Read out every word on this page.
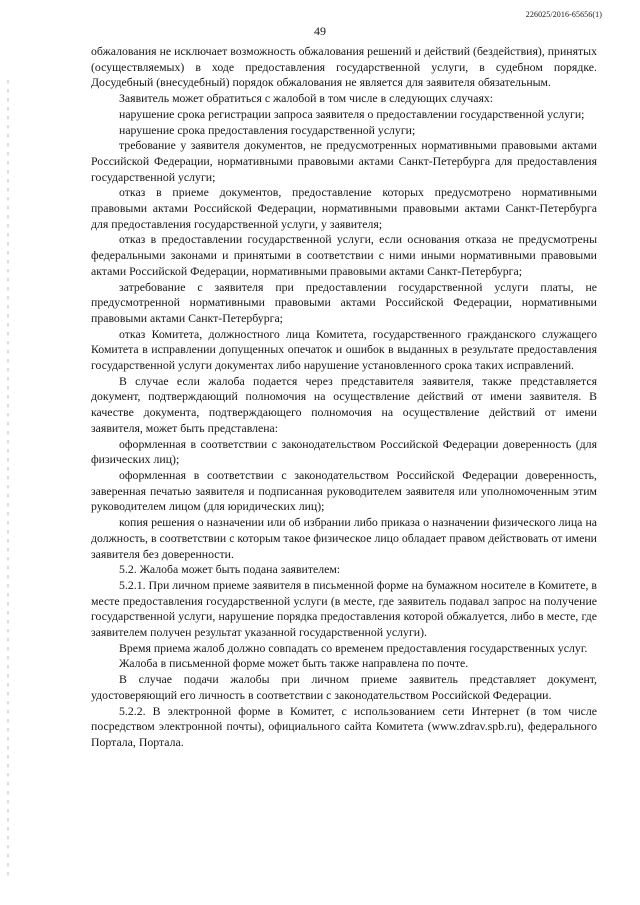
226025/2016-65656(1)
49

обжалования не исключает возможность обжалования решений и действий (бездействия), принятых (осуществляемых) в ходе предоставления государственной услуги, в судебном порядке. Досудебный (внесудебный) порядок обжалования не является для заявителя обязательным.

Заявитель может обратиться с жалобой в том числе в следующих случаях:

нарушение срока регистрации запроса заявителя о предоставлении государственной услуги;

нарушение срока предоставления государственной услуги;

требование у заявителя документов, не предусмотренных нормативными правовыми актами Российской Федерации, нормативными правовыми актами Санкт-Петербурга для предоставления государственной услуги;

отказ в приеме документов, предоставление которых предусмотрено нормативными правовыми актами Российской Федерации, нормативными правовыми актами Санкт-Петербурга для предоставления государственной услуги, у заявителя;

отказ в предоставлении государственной услуги, если основания отказа не предусмотрены федеральными законами и принятыми в соответствии с ними иными нормативными правовыми актами Российской Федерации, нормативными правовыми актами Санкт-Петербурга;

затребование с заявителя при предоставлении государственной услуги платы, не предусмотренной нормативными правовыми актами Российской Федерации, нормативными правовыми актами Санкт-Петербурга;

отказ Комитета, должностного лица Комитета, государственного гражданского служащего Комитета в исправлении допущенных опечаток и ошибок в выданных в результате предоставления государственной услуги документах либо нарушение установленного срока таких исправлений.

В случае если жалоба подается через представителя заявителя, также представляется документ, подтверждающий полномочия на осуществление действий от имени заявителя. В качестве документа, подтверждающего полномочия на осуществление действий от имени заявителя, может быть представлена:

оформленная в соответствии с законодательством Российской Федерации доверенность (для физических лиц);

оформленная в соответствии с законодательством Российской Федерации доверенность, заверенная печатью заявителя и подписанная руководителем заявителя или уполномоченным этим руководителем лицом (для юридических лиц);

копия решения о назначении или об избрании либо приказа о назначении физического лица на должность, в соответствии с которым такое физическое лицо обладает правом действовать от имени заявителя без доверенности.

5.2. Жалоба может быть подана заявителем:

5.2.1. При личном приеме заявителя в письменной форме на бумажном носителе в Комитете, в месте предоставления государственной услуги (в месте, где заявитель подавал запрос на получение государственной услуги, нарушение порядка предоставления которой обжалуется, либо в месте, где заявителем получен результат указанной государственной услуги).

Время приема жалоб должно совпадать со временем предоставления государственных услуг.

Жалоба в письменной форме может быть также направлена по почте.

В случае подачи жалобы при личном приеме заявитель представляет документ, удостоверяющий его личность в соответствии с законодательством Российской Федерации.

5.2.2. В электронной форме в Комитет, с использованием сети Интернет (в том числе посредством электронной почты), официального сайта Комитета (www.zdrav.spb.ru), федерального Портала, Портала.
